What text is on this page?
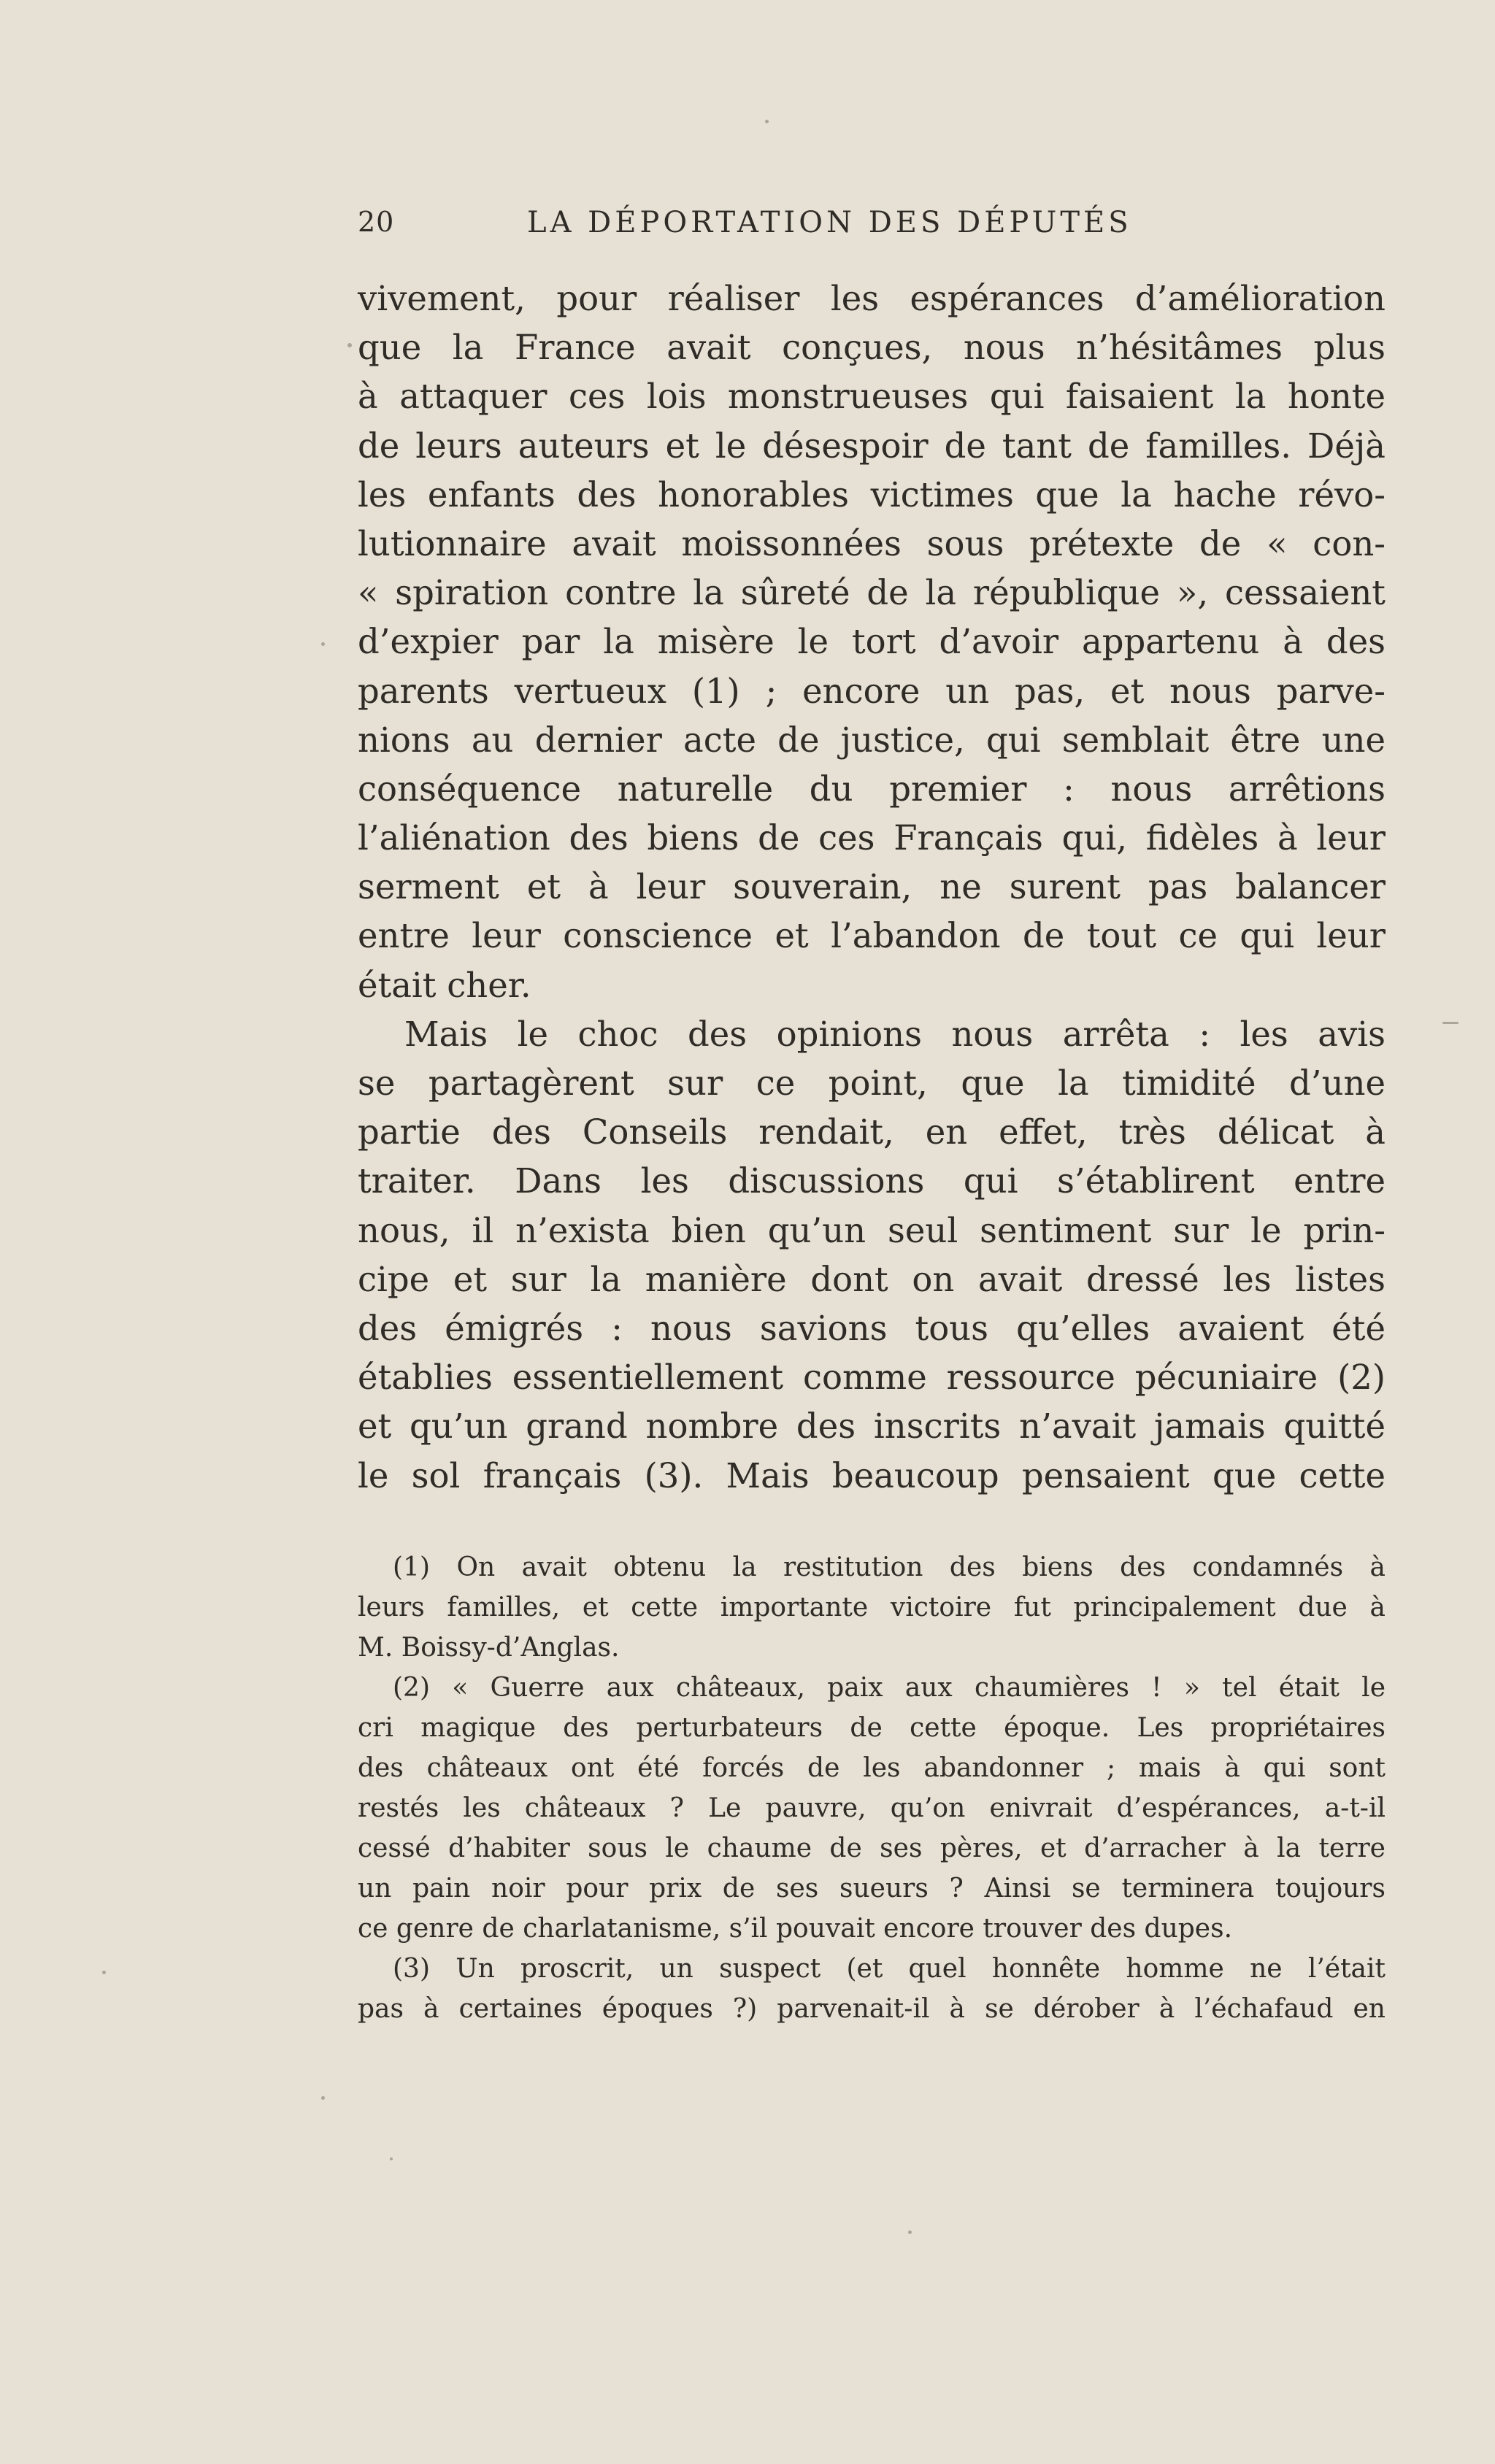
20	LA DÉPORTATION DES DÉPUTÉS
vivement, pour réaliser les espérances d’amélioration
que la France avait conçues, nous n’hésitâmes plus
à attaquer ces lois monstrueuses qui faisaient la honte
de leurs auteurs et le désespoir de tant de familles. Déjà
les enfants des honorables victimes que la hache révo-
lutionnaire avait moissonnées sous prétexte de « con-
« spiration contre la sûreté de la république », cessaient
d’expier par la misère le tort d’avoir appartenu à des
parents vertueux (1) ; encore un pas, et nous parve-
nions au dernier acte de justice, qui semblait être une
conséquence naturelle du premier : nous arrêtions
l’aliénation des biens de ces Français qui, fidèles à leur
serment et à leur souverain, ne surent pas balancer
entre leur conscience et l’abandon de tout ce qui leur
était cher.
Mais le choc des opinions nous arrêta : les avis
se partagèrent sur ce point, que la timidité d’une
partie des Conseils rendait, en effet, très délicat à
traiter. Dans les discussions qui s’établirent entre
nous, il n’exista bien qu’un seul sentiment sur le prin-
cipe et sur la manière dont on avait dressé les listes
des émigrés : nous savions tous qu’elles avaient été
établies essentiellement comme ressource pécuniaire (2)
et qu’un grand nombre des inscrits n’avait jamais quitté
le sol français (3). Mais beaucoup pensaient que cette
(1) On avait obtenu la restitution des biens des condamnés à
leurs familles, et cette importante victoire fut principalement due à
M. Boissy-d’Anglas.
(2) « Guerre aux châteaux, paix aux chaumières ! » tel était le
cri magique des perturbateurs de cette époque. Les propriétaires
des châteaux ont été forcés de les abandonner ; mais à qui sont
restés les châteaux ? Le pauvre, qu’on enivrait d’espérances, a-t-il
cessé d’habiter sous le chaume de ses pères, et d’arracher à la terre
un pain noir pour prix de ses sueurs ? Ainsi se terminera toujours
ce genre de charlatanisme, s’il pouvait encore trouver des dupes.
(3) Un proscrit, un suspect (et quel honnête homme ne l’était
pas à certaines époques ?) parvenait-il à se dérober à l’échafaud en
